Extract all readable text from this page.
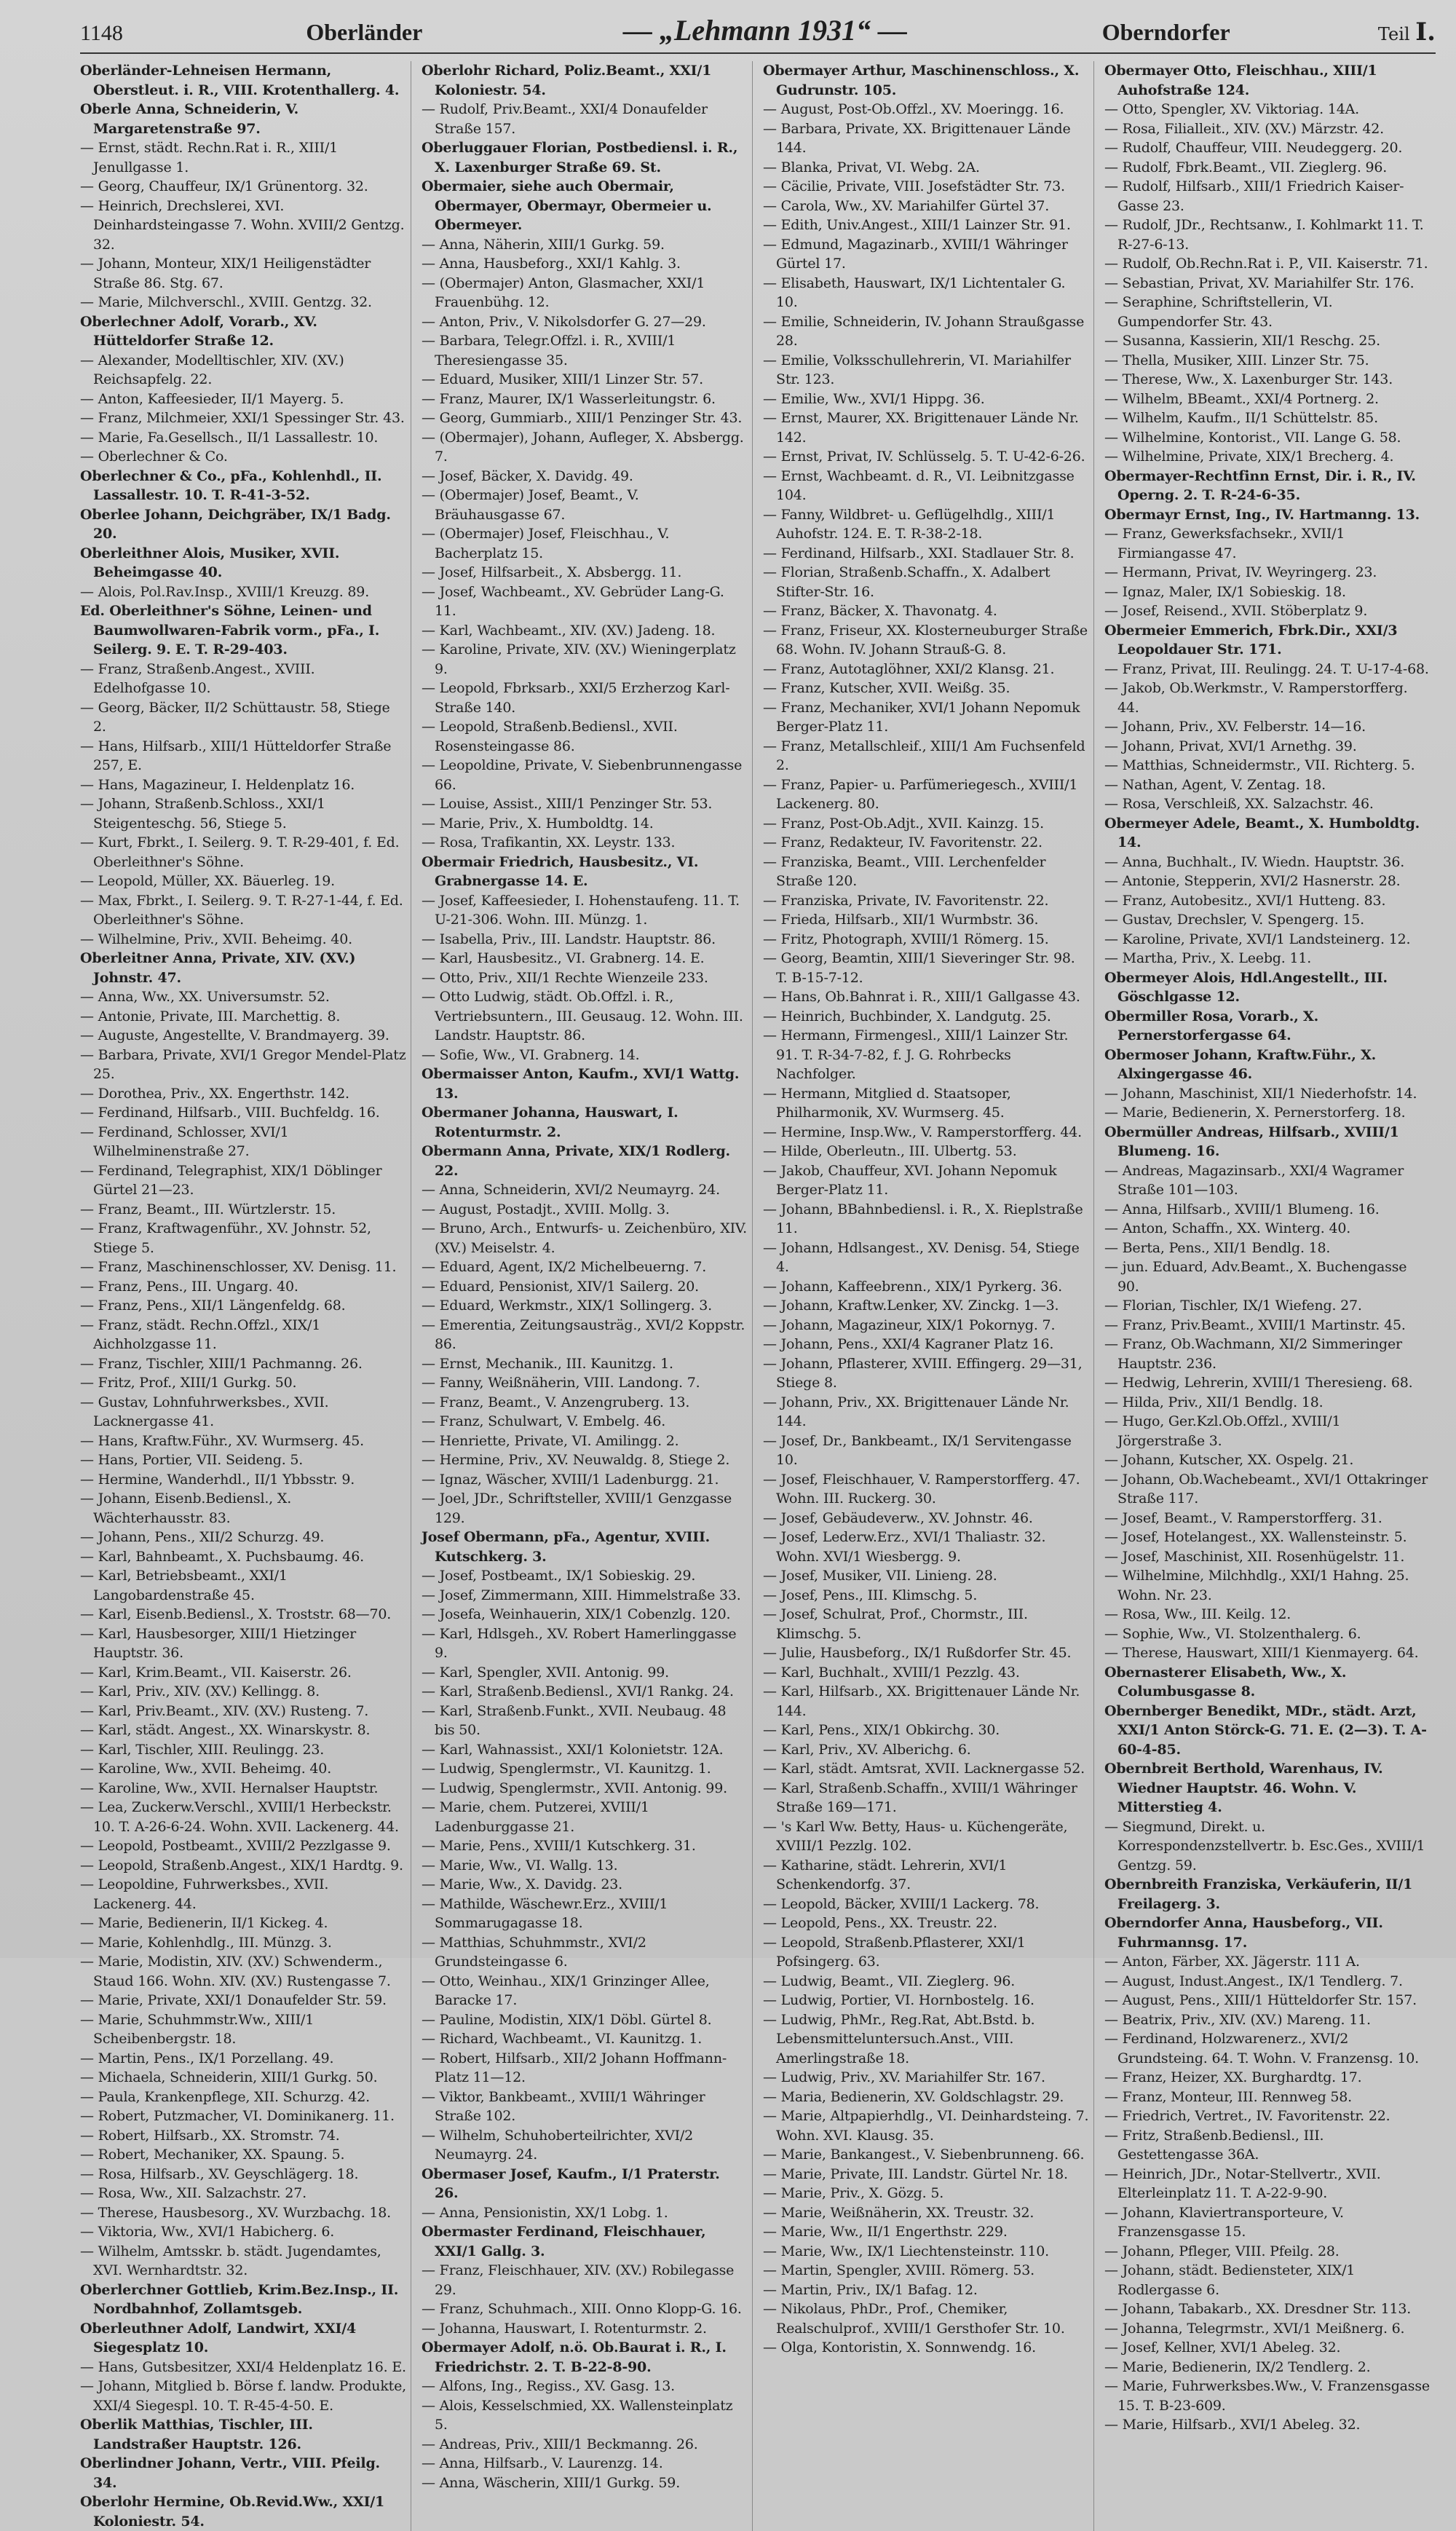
1148	Oberländer	— „Lehmann 1931“ —	Oberndorfer	Teil I.

Oberländer-Lehneisen Hermann, Oberstleut. i. R., VIII. Krotenthallerg. 4.

Oberle Anna, Schneiderin, V. Margaretenstraße 97.

— Ernst, städt. Rechn.Rat i. R., XIII/1 Jenullgasse 1.

— Georg, Chauffeur, IX/1 Grünentorg. 32.

— Heinrich, Drechslerei, XVI. Deinhardsteingasse 7. Wohn. XVIII/2 Gentzg. 32.

— Johann, Monteur, XIX/1 Heiligenstädter Straße 86. Stg. 67.

— Marie, Milchverschl., XVIII. Gentzg. 32.

Oberlechner Adolf, Vorarb., XV. Hütteldorfer Straße 12.

— Alexander, Modelltischler, XIV. (XV.) Reichsapfelg. 22.

— Anton, Kaffeesieder, II/1 Mayerg. 5.

— Franz, Milchmeier, XXI/1 Spessinger Str. 43.

— Marie, Fa.Gesellsch., II/1 Lassallestr. 10.

— Oberlechner & Co.

Oberlechner & Co., pFa., Kohlenhdl., II. Lassallestr. 10. T. R-41-3-52.

Oberlee Johann, Deichgräber, IX/1 Badg. 20.

Oberleithner Alois, Musiker, XVII. Beheimgasse 40.

— Alois, Pol.Rav.Insp., XVIII/1 Kreuzg. 89.

Ed. Oberleithner's Söhne, Leinen- und Baumwollwaren-Fabrik vorm., pFa., I. Seilerg. 9. E. T. R-29-403.

— Franz, Straßenb.Angest., XVIII. Edelhofgasse 10.

— Georg, Bäcker, II/2 Schüttaustr. 58, Stiege 2.

— Hans, Hilfsarb., XIII/1 Hütteldorfer Straße 257, E.

— Hans, Magazineur, I. Heldenplatz 16.

— Johann, Straßenb.Schloss., XXI/1 Steigenteschg. 56, Stiege 5.

— Kurt, Fbrkt., I. Seilerg. 9. T. R-29-401, f. Ed. Oberleithner's Söhne.

— Leopold, Müller, XX. Bäuerleg. 19.

— Max, Fbrkt., I. Seilerg. 9. T. R-27-1-44, f. Ed. Oberleithner's Söhne.

— Wilhelmine, Priv., XVII. Beheimg. 40.

Oberleitner Anna, Private, XIV. (XV.) Johnstr. 47.

— Anna, Ww., XX. Universumstr. 52.

— Antonie, Private, III. Marchettig. 8.

— Auguste, Angestellte, V. Brandmayerg. 39.

— Barbara, Private, XVI/1 Gregor Mendel-Platz 25.

— Dorothea, Priv., XX. Engerthstr. 142.

— Ferdinand, Hilfsarb., VIII. Buchfeldg. 16.

— Ferdinand, Schlosser, XVI/1 Wilhelminenstraße 27.

— Ferdinand, Telegraphist, XIX/1 Döblinger Gürtel 21—23.

— Franz, Beamt., III. Würtzlerstr. 15.

— Franz, Kraftwagenführ., XV. Johnstr. 52, Stiege 5.

— Franz, Maschinenschlosser, XV. Denisg. 11.

— Franz, Pens., III. Ungarg. 40.

— Franz, Pens., XII/1 Längenfeldg. 68.

— Franz, städt. Rechn.Offzl., XIX/1 Aichholzgasse 11.

— Franz, Tischler, XIII/1 Pachmanng. 26.

— Fritz, Prof., XIII/1 Gurkg. 50.

— Gustav, Lohnfuhrwerksbes., XVII. Lacknergasse 41.

— Hans, Kraftw.Führ., XV. Wurmserg. 45.

— Hans, Portier, VII. Seideng. 5.

— Hermine, Wanderhdl., II/1 Ybbsstr. 9.

— Johann, Eisenb.Bediensl., X. Wächterhausstr. 83.

— Johann, Pens., XII/2 Schurzg. 49.

— Karl, Bahnbeamt., X. Puchsbaumg. 46.

— Karl, Betriebsbeamt., XXI/1 Langobardenstraße 45.

— Karl, Eisenb.Bediensl., X. Troststr. 68—70.

— Karl, Hausbesorger, XIII/1 Hietzinger Hauptstr. 36.

— Karl, Krim.Beamt., VII. Kaiserstr. 26.

— Karl, Priv., XIV. (XV.) Kellingg. 8.

— Karl, Priv.Beamt., XIV. (XV.) Rusteng. 7.

— Karl, städt. Angest., XX. Winarskystr. 8.

— Karl, Tischler, XIII. Reulingg. 23.

— Karoline, Ww., XVII. Beheimg. 40.

— Karoline, Ww., XVII. Hernalser Hauptstr.

— Lea, Zuckerw.Verschl., XVIII/1 Herbeckstr. 10. T. A-26-6-24. Wohn. XVII. Lackenerg. 44.

— Leopold, Postbeamt., XVIII/2 Pezzlgasse 9.

— Leopold, Straßenb.Angest., XIX/1 Hardtg. 9.

— Leopoldine, Fuhrwerksbes., XVII. Lackenerg. 44.

— Marie, Bedienerin, II/1 Kickeg. 4.

— Marie, Kohlenhdlg., III. Münzg. 3.

— Marie, Modistin, XIV. (XV.) Schwenderm., Staud 166. Wohn. XIV. (XV.) Rustengasse 7.

— Marie, Private, XXI/1 Donaufelder Str. 59.

— Marie, Schuhmmstr.Ww., XIII/1 Scheibenbergstr. 18.

— Martin, Pens., IX/1 Porzellang. 49.

— Michaela, Schneiderin, XIII/1 Gurkg. 50.

— Paula, Krankenpflege, XII. Schurzg. 42.

— Robert, Putzmacher, VI. Dominikanerg. 11.

— Robert, Hilfsarb., XX. Stromstr. 74.

— Robert, Mechaniker, XX. Spaung. 5.

— Rosa, Hilfsarb., XV. Geyschlägerg. 18.

— Rosa, Ww., XII. Salzachstr. 27.

— Therese, Hausbesorg., XV. Wurzbachg. 18.

— Viktoria, Ww., XVI/1 Habicherg. 6.

— Wilhelm, Amtsskr. b. städt. Jugendamtes, XVI. Wernhardtstr. 32.

Oberlerchner Gottlieb, Krim.Bez.Insp., II. Nordbahnhof, Zollamtsgeb.

Oberleuthner Adolf, Landwirt, XXI/4 Siegesplatz 10.

— Hans, Gutsbesitzer, XXI/4 Heldenplatz 16. E.

— Johann, Mitglied b. Börse f. landw. Produkte, XXI/4 Siegespl. 10. T. R-45-4-50. E.

Oberlik Matthias, Tischler, III. Landstraßer Hauptstr. 126.

Oberlindner Johann, Vertr., VIII. Pfeilg. 34.

Oberlohr Hermine, Ob.Revid.Ww., XXI/1 Koloniestr. 54.

Oberlohr Richard, Poliz.Beamt., XXI/1 Koloniestr. 54.

— Rudolf, Priv.Beamt., XXI/4 Donaufelder Straße 157.

Oberluggauer Florian, Postbediensl. i. R., X. Laxenburger Straße 69. St.

Obermaier, siehe auch Obermair, Obermayer, Obermayr, Obermeier u. Obermeyer.

— Anna, Näherin, XIII/1 Gurkg. 59.

— Anna, Hausbeforg., XXI/1 Kahlg. 3.

— (Obermajer) Anton, Glasmacher, XXI/1 Frauenbühg. 12.

— Anton, Priv., V. Nikolsdorfer G. 27—29.

— Barbara, Telegr.Offzl. i. R., XVIII/1 Theresiengasse 35.

— Eduard, Musiker, XIII/1 Linzer Str. 57.

— Franz, Maurer, IX/1 Wasserleitungstr. 6.

— Georg, Gummiarb., XIII/1 Penzinger Str. 43.

— (Obermajer), Johann, Aufleger, X. Absbergg. 7.

— Josef, Bäcker, X. Davidg. 49.

— (Obermajer) Josef, Beamt., V. Bräuhausgasse 67.

— (Obermajer) Josef, Fleischhau., V. Bacherplatz 15.

— Josef, Hilfsarbeit., X. Absbergg. 11.

— Josef, Wachbeamt., XV. Gebrüder Lang-G. 11.

— Karl, Wachbeamt., XIV. (XV.) Jadeng. 18.

— Karoline, Private, XIV. (XV.) Wieningerplatz 9.

— Leopold, Fbrksarb., XXI/5 Erzherzog Karl-Straße 140.

— Leopold, Straßenb.Bediensl., XVII. Rosensteingasse 86.

— Leopoldine, Private, V. Siebenbrunnengasse 66.

— Louise, Assist., XIII/1 Penzinger Str. 53.

— Marie, Priv., X. Humboldtg. 14.

— Rosa, Trafikantin, XX. Leystr. 133.

Obermair Friedrich, Hausbesitz., VI. Grabnergasse 14. E.

— Josef, Kaffeesieder, I. Hohenstaufeng. 11. T. U-21-306. Wohn. III. Münzg. 1.

— Isabella, Priv., III. Landstr. Hauptstr. 86.

— Karl, Hausbesitz., VI. Grabnerg. 14. E.

— Otto, Priv., XII/1 Rechte Wienzeile 233.

— Otto Ludwig, städt. Ob.Offzl. i. R., Vertriebsuntern., III. Geusaug. 12. Wohn. III. Landstr. Hauptstr. 86.

— Sofie, Ww., VI. Grabnerg. 14.

Obermaisser Anton, Kaufm., XVI/1 Wattg. 13.

Obermaner Johanna, Hauswart, I. Rotenturmstr. 2.

Obermann Anna, Private, XIX/1 Rodlerg. 22.

— Anna, Schneiderin, XVI/2 Neumayrg. 24.

— August, Postadjt., XVIII. Mollg. 3.

— Bruno, Arch., Entwurfs- u. Zeichenbüro, XIV. (XV.) Meiselstr. 4.

— Eduard, Agent, IX/2 Michelbeuerng. 7.

— Eduard, Pensionist, XIV/1 Sailerg. 20.

— Eduard, Werkmstr., XIX/1 Sollingerg. 3.

— Emerentia, Zeitungsausträg., XVI/2 Koppstr. 86.

— Ernst, Mechanik., III. Kaunitzg. 1.

— Fanny, Weißnäherin, VIII. Landong. 7.

— Franz, Beamt., V. Anzengruberg. 13.

— Franz, Schulwart, V. Embelg. 46.

— Henriette, Private, VI. Amilingg. 2.

— Hermine, Priv., XV. Neuwaldg. 8, Stiege 2.

— Ignaz, Wäscher, XVIII/1 Ladenburgg. 21.

— Joel, JDr., Schriftsteller, XVIII/1 Genzgasse 129.

Josef Obermann, pFa., Agentur, XVIII. Kutschkerg. 3.

— Josef, Postbeamt., IX/1 Sobieskig. 29.

— Josef, Zimmermann, XIII. Himmelstraße 33.

— Josefa, Weinhauerin, XIX/1 Cobenzlg. 120.

— Karl, Hdlsgeh., XV. Robert Hamerlinggasse 9.

— Karl, Spengler, XVII. Antonig. 99.

— Karl, Straßenb.Bediensl., XVI/1 Rankg. 24.

— Karl, Straßenb.Funkt., XVII. Neubaug. 48 bis 50.

— Karl, Wahnassist., XXI/1 Kolonietstr. 12A.

— Ludwig, Spenglermstr., VI. Kaunitzg. 1.

— Ludwig, Spenglermstr., XVII. Antonig. 99.

— Marie, chem. Putzerei, XVIII/1 Ladenburggasse 21.

— Marie, Pens., XVIII/1 Kutschkerg. 31.

— Marie, Ww., VI. Wallg. 13.

— Marie, Ww., X. Davidg. 23.

— Mathilde, Wäschewr.Erz., XVIII/1 Sommarugagasse 18.

— Matthias, Schuhmmstr., XVI/2 Grundsteingasse 6.

— Otto, Weinhau., XIX/1 Grinzinger Allee, Baracke 17.

— Pauline, Modistin, XIX/1 Döbl. Gürtel 8.

— Richard, Wachbeamt., VI. Kaunitzg. 1.

— Robert, Hilfsarb., XII/2 Johann Hoffmann-Platz 11—12.

— Viktor, Bankbeamt., XVIII/1 Währinger Straße 102.

— Wilhelm, Schuhoberteilrichter, XVI/2 Neumayrg. 24.

Obermaser Josef, Kaufm., I/1 Praterstr. 26.

— Anna, Pensionistin, XX/1 Lobg. 1.

Obermaster Ferdinand, Fleischhauer, XXI/1 Gallg. 3.

— Franz, Fleischhauer, XIV. (XV.) Robilegasse 29.

— Franz, Schuhmach., XIII. Onno Klopp-G. 16.

— Johanna, Hauswart, I. Rotenturmstr. 2.

Obermayer Adolf, n.ö. Ob.Baurat i. R., I. Friedrichstr. 2. T. B-22-8-90.

— Alfons, Ing., Regiss., XV. Gasg. 13.

— Alois, Kesselschmied, XX. Wallensteinplatz 5.

— Andreas, Priv., XIII/1 Beckmanng. 26.

— Anna, Hilfsarb., V. Laurenzg. 14.

— Anna, Wäscherin, XIII/1 Gurkg. 59.

Obermayer Arthur, Maschinenschloss., X. Gudrunstr. 105.

— August, Post-Ob.Offzl., XV. Moeringg. 16.

— Barbara, Private, XX. Brigittenauer Lände 144.

— Blanka, Privat, VI. Webg. 2A.

— Cäcilie, Private, VIII. Josefstädter Str. 73.

— Carola, Ww., XV. Mariahilfer Gürtel 37.

— Edith, Univ.Angest., XIII/1 Lainzer Str. 91.

— Edmund, Magazinarb., XVIII/1 Währinger Gürtel 17.

— Elisabeth, Hauswart, IX/1 Lichtentaler G. 10.

— Emilie, Schneiderin, IV. Johann Straußgasse 28.

— Emilie, Volksschullehrerin, VI. Mariahilfer Str. 123.

— Emilie, Ww., XVI/1 Hippg. 36.

— Ernst, Maurer, XX. Brigittenauer Lände Nr. 142.

— Ernst, Privat, IV. Schlüsselg. 5. T. U-42-6-26.

— Ernst, Wachbeamt. d. R., VI. Leibnitzgasse 104.

— Fanny, Wildbret- u. Geflügelhdlg., XIII/1 Auhofstr. 124. E. T. R-38-2-18.

— Ferdinand, Hilfsarb., XXI. Stadlauer Str. 8.

— Florian, Straßenb.Schaffn., X. Adalbert Stifter-Str. 16.

— Franz, Bäcker, X. Thavonatg. 4.

— Franz, Friseur, XX. Klosterneuburger Straße 68. Wohn. IV. Johann Strauß-G. 8.

— Franz, Autotaglöhner, XXI/2 Klansg. 21.

— Franz, Kutscher, XVII. Weißg. 35.

— Franz, Mechaniker, XVI/1 Johann Nepomuk Berger-Platz 11.

— Franz, Metallschleif., XIII/1 Am Fuchsenfeld 2.

— Franz, Papier- u. Parfümeriegesch., XVIII/1 Lackenerg. 80.

— Franz, Post-Ob.Adjt., XVII. Kainzg. 15.

— Franz, Redakteur, IV. Favoritenstr. 22.

— Franziska, Beamt., VIII. Lerchenfelder Straße 120.

— Franziska, Private, IV. Favoritenstr. 22.

— Frieda, Hilfsarb., XII/1 Wurmbstr. 36.

— Fritz, Photograph, XVIII/1 Römerg. 15.

— Georg, Beamtin, XIII/1 Sieveringer Str. 98. T. B-15-7-12.

— Hans, Ob.Bahnrat i. R., XIII/1 Gallgasse 43.

— Heinrich, Buchbinder, X. Landgutg. 25.

— Hermann, Firmengesl., XIII/1 Lainzer Str. 91. T. R-34-7-82, f. J. G. Rohrbecks Nachfolger.

— Hermann, Mitglied d. Staatsoper, Philharmonik, XV. Wurmserg. 45.

— Hermine, Insp.Ww., V. Ramperstorfferg. 44.

— Hilde, Oberleutn., III. Ulbertg. 53.

— Jakob, Chauffeur, XVI. Johann Nepomuk Berger-Platz 11.

— Johann, BBahnbediensl. i. R., X. Rieplstraße 11.

— Johann, Hdlsangest., XV. Denisg. 54, Stiege 4.

— Johann, Kaffeebrenn., XIX/1 Pyrkerg. 36.

— Johann, Kraftw.Lenker, XV. Zinckg. 1—3.

— Johann, Magazineur, XIX/1 Pokornyg. 7.

— Johann, Pens., XXI/4 Kagraner Platz 16.

— Johann, Pflasterer, XVIII. Effingerg. 29—31, Stiege 8.

— Johann, Priv., XX. Brigittenauer Lände Nr. 144.

— Josef, Dr., Bankbeamt., IX/1 Servitengasse 10.

— Josef, Fleischhauer, V. Ramperstorfferg. 47. Wohn. III. Ruckerg. 30.

— Josef, Gebäudeverw., XV. Johnstr. 46.

— Josef, Lederw.Erz., XVI/1 Thaliastr. 32. Wohn. XVI/1 Wiesbergg. 9.

— Josef, Musiker, VII. Linieng. 28.

— Josef, Pens., III. Klimschg. 5.

— Josef, Schulrat, Prof., Chormstr., III. Klimschg. 5.

— Julie, Hausbeforg., IX/1 Rußdorfer Str. 45.

— Karl, Buchhalt., XVIII/1 Pezzlg. 43.

— Karl, Hilfsarb., XX. Brigittenauer Lände Nr. 144.

— Karl, Pens., XIX/1 Obkirchg. 30.

— Karl, Priv., XV. Alberichg. 6.

— Karl, städt. Amtsrat, XVII. Lacknergasse 52.

— Karl, Straßenb.Schaffn., XVIII/1 Währinger Straße 169—171.

— 's Karl Ww. Betty, Haus- u. Küchengeräte, XVIII/1 Pezzlg. 102.

— Katharine, städt. Lehrerin, XVI/1 Schenkendorfg. 37.

— Leopold, Bäcker, XVIII/1 Lackerg. 78.

— Leopold, Pens., XX. Treustr. 22.

— Leopold, Straßenb.Pflasterer, XXI/1 Pofsingerg. 63.

— Ludwig, Beamt., VII. Zieglerg. 96.

— Ludwig, Portier, VI. Hornbostelg. 16.

— Ludwig, PhMr., Reg.Rat, Abt.Bstd. b. Lebensmitteluntersuch.Anst., VIII. Amerlingstraße 18.

— Ludwig, Priv., XV. Mariahilfer Str. 167.

— Maria, Bedienerin, XV. Goldschlagstr. 29.

— Marie, Altpapierhdlg., VI. Deinhardsteing. 7. Wohn. XVI. Klausg. 35.

— Marie, Bankangest., V. Siebenbrunneng. 66.

— Marie, Private, III. Landstr. Gürtel Nr. 18.

— Marie, Priv., X. Gözg. 5.

— Marie, Weißnäherin, XX. Treustr. 32.

— Marie, Ww., II/1 Engerthstr. 229.

— Marie, Ww., IX/1 Liechtensteinstr. 110.

— Martin, Spengler, XVIII. Römerg. 53.

— Martin, Priv., IX/1 Bafag. 12.

— Nikolaus, PhDr., Prof., Chemiker, Realschulprof., XVIII/1 Gersthofer Str. 10.

— Olga, Kontoristin, X. Sonnwendg. 16.

Obermayer Otto, Fleischhau., XIII/1 Auhofstraße 124.

— Otto, Spengler, XV. Viktoriag. 14A.

— Rosa, Filialleit., XIV. (XV.) Märzstr. 42.

— Rudolf, Chauffeur, VIII. Neudeggerg. 20.

— Rudolf, Fbrk.Beamt., VII. Zieglerg. 96.

— Rudolf, Hilfsarb., XIII/1 Friedrich Kaiser-Gasse 23.

— Rudolf, JDr., Rechtsanw., I. Kohlmarkt 11. T. R-27-6-13.

— Rudolf, Ob.Rechn.Rat i. P., VII. Kaiserstr. 71.

— Sebastian, Privat, XV. Mariahilfer Str. 176.

— Seraphine, Schriftstellerin, VI. Gumpendorfer Str. 43.

— Susanna, Kassierin, XII/1 Reschg. 25.

— Thella, Musiker, XIII. Linzer Str. 75.

— Therese, Ww., X. Laxenburger Str. 143.

— Wilhelm, BBeamt., XXI/4 Portnerg. 2.

— Wilhelm, Kaufm., II/1 Schüttelstr. 85.

— Wilhelmine, Kontorist., VII. Lange G. 58.

— Wilhelmine, Private, XIX/1 Brecherg. 4.

Obermayer-Rechtfinn Ernst, Dir. i. R., IV. Operng. 2. T. R-24-6-35.

Obermayr Ernst, Ing., IV. Hartmanng. 13.

— Franz, Gewerksfachsekr., XVII/1 Firmiangasse 47.

— Hermann, Privat, IV. Weyringerg. 23.

— Ignaz, Maler, IX/1 Sobieskig. 18.

— Josef, Reisend., XVII. Stöberplatz 9.

Obermeier Emmerich, Fbrk.Dir., XXI/3 Leopoldauer Str. 171.

— Franz, Privat, III. Reulingg. 24. T. U-17-4-68.

— Jakob, Ob.Werkmstr., V. Ramperstorfferg. 44.

— Johann, Priv., XV. Felberstr. 14—16.

— Johann, Privat, XVI/1 Arnethg. 39.

— Matthias, Schneidermstr., VII. Richterg. 5.

— Nathan, Agent, V. Zentag. 18.

— Rosa, Verschleiß, XX. Salzachstr. 46.

Obermeyer Adele, Beamt., X. Humboldtg. 14.

— Anna, Buchhalt., IV. Wiedn. Hauptstr. 36.

— Antonie, Stepperin, XVI/2 Hasnerstr. 28.

— Franz, Autobesitz., XVI/1 Hutteng. 83.

— Gustav, Drechsler, V. Spengerg. 15.

— Karoline, Private, XVI/1 Landsteinerg. 12.

— Martha, Priv., X. Leebg. 11.

Obermeyer Alois, Hdl.Angestellt., III. Göschlgasse 12.

Obermiller Rosa, Vorarb., X. Pernerstorfergasse 64.

Obermoser Johann, Kraftw.Führ., X. Alxingergasse 46.

— Johann, Maschinist, XII/1 Niederhofstr. 14.

— Marie, Bedienerin, X. Pernerstorferg. 18.

Obermüller Andreas, Hilfsarb., XVIII/1 Blumeng. 16.

— Andreas, Magazinsarb., XXI/4 Wagramer Straße 101—103.

— Anna, Hilfsarb., XVIII/1 Blumeng. 16.

— Anton, Schaffn., XX. Winterg. 40.

— Berta, Pens., XII/1 Bendlg. 18.

— jun. Eduard, Adv.Beamt., X. Buchengasse 90.

— Florian, Tischler, IX/1 Wiefeng. 27.

— Franz, Priv.Beamt., XVIII/1 Martinstr. 45.

— Franz, Ob.Wachmann, XI/2 Simmeringer Hauptstr. 236.

— Hedwig, Lehrerin, XVIII/1 Theresieng. 68.

— Hilda, Priv., XII/1 Bendlg. 18.

— Hugo, Ger.Kzl.Ob.Offzl., XVIII/1 Jörgerstraße 3.

— Johann, Kutscher, XX. Ospelg. 21.

— Johann, Ob.Wachebeamt., XVI/1 Ottakringer Straße 117.

— Josef, Beamt., V. Ramperstorfferg. 31.

— Josef, Hotelangest., XX. Wallensteinstr. 5.

— Josef, Maschinist, XII. Rosenhügelstr. 11.

— Wilhelmine, Milchhdlg., XXI/1 Hahng. 25. Wohn. Nr. 23.

— Rosa, Ww., III. Keilg. 12.

— Sophie, Ww., VI. Stolzenthalerg. 6.

— Therese, Hauswart, XIII/1 Kienmayerg. 64.

Obernasterer Elisabeth, Ww., X. Columbusgasse 8.

Obernberger Benedikt, MDr., städt. Arzt, XXI/1 Anton Störck-G. 71. E. (2—3). T. A-60-4-85.

Obernbreit Berthold, Warenhaus, IV. Wiedner Hauptstr. 46. Wohn. V. Mitterstieg 4.

— Siegmund, Direkt. u. Korrespondenzstellvertr. b. Esc.Ges., XVIII/1 Gentzg. 59.

Obernbreith Franziska, Verkäuferin, II/1 Freilagerg. 3.

Oberndorfer Anna, Hausbeforg., VII. Fuhrmannsg. 17.

— Anton, Färber, XX. Jägerstr. 111 A.

— August, Indust.Angest., IX/1 Tendlerg. 7.

— August, Pens., XIII/1 Hütteldorfer Str. 157.

— Beatrix, Priv., XIV. (XV.) Mareng. 11.

— Ferdinand, Holzwarenerz., XVI/2 Grundsteing. 64. T. Wohn. V. Franzensg. 10.

— Franz, Heizer, XX. Burghardtg. 17.

— Franz, Monteur, III. Rennweg 58.

— Friedrich, Vertret., IV. Favoritenstr. 22.

— Fritz, Straßenb.Bediensl., III. Gestettengasse 36A.

— Heinrich, JDr., Notar-Stellvertr., XVII. Elterleinplatz 11. T. A-22-9-90.

— Johann, Klaviertransporteure, V. Franzensgasse 15.

— Johann, Pfleger, VIII. Pfeilg. 28.

— Johann, städt. Bediensteter, XIX/1 Rodlergasse 6.

— Johann, Tabakarb., XX. Dresdner Str. 113.

— Johanna, Telegrmstr., XVI/1 Meißnerg. 6.

— Josef, Kellner, XVI/1 Abeleg. 32.

— Marie, Bedienerin, IX/2 Tendlerg. 2.

— Marie, Fuhrwerksbes.Ww., V. Franzensgasse 15. T. B-23-609.

— Marie, Hilfsarb., XVI/1 Abeleg. 32.
